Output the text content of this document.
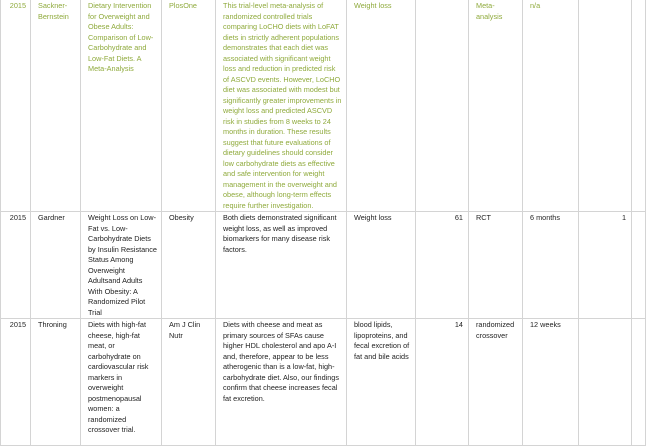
2015	Sackner-Bernstein	Dietary Intervention for Overweight and Obese Adults: Comparison of Low-Carbohydrate and Low-Fat Diets. A Meta-Analysis	PlosOne	This trial-level meta-analysis of randomized controlled trials comparing LoCHO diets with LoFAT diets in strictly adherent populations demonstrates that each diet was associated with significant weight loss and reduction in predicted risk of ASCVD events. However, LoCHO diet was associated with modest but significantly greater improvements in weight loss and predicted ASCVD risk in studies from 8 weeks to 24 months in duration. These results suggest that future evaluations of dietary guidelines should consider low carbohydrate diets as effective and safe intervention for weight management in the overweight and obese, although long-term effects require further investigation.	Weight loss		Meta-analysis	n/a		
2015	Gardner	Weight Loss on Low-Fat vs. Low-Carbohydrate Diets by Insulin Resistance Status Among Overweight Adultsand Adults With Obesity: A Randomized Pilot Trial	Obesity	Both diets demonstrated significant weight loss, as well as improved biomarkers for many disease risk factors.	Weight loss	61	RCT	6 months	1	
2015	Throning	Diets with high-fat cheese, high-fat meat, or carbohydrate on cardiovascular risk markers in overweight postmenopausal women: a randomized crossover trial.	Am J Clin Nutr	Diets with cheese and meat as primary sources of SFAs cause higher HDL cholesterol and apo A-I and, therefore, appear to be less atherogenic than is a low-fat, high-carbohydrate diet. Also, our findings confirm that cheese increases fecal fat excretion.	blood lipids, lipoproteins, and fecal excretion of fat and bile acids	14	randomized crossover	12 weeks		
